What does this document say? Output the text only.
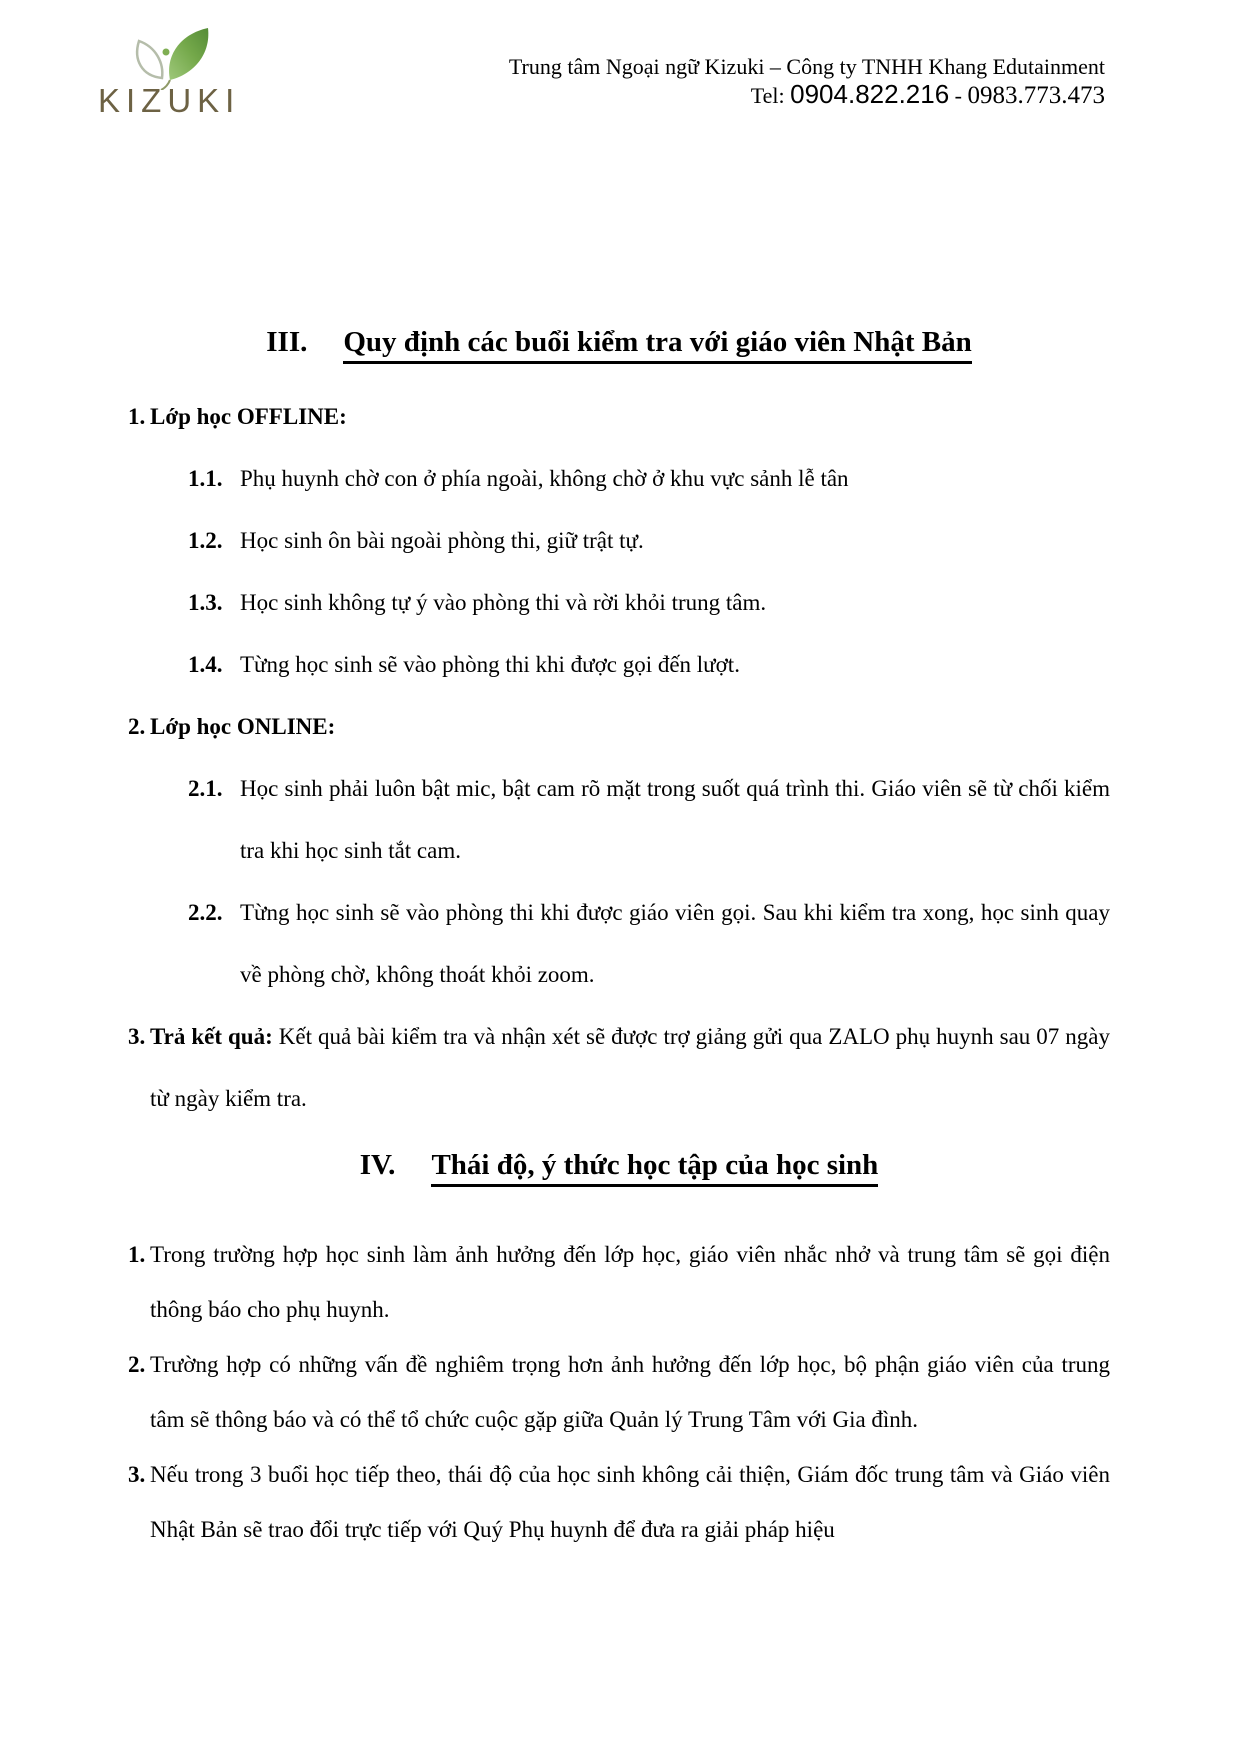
KIZUKI
Trung tâm Ngoại ngữ Kizuki – Công ty TNHH Khang Edutainment
Tel: 0904.822.216 - 0983.773.473
III. Quy định các buổi kiểm tra với giáo viên Nhật Bản
1. Lớp học OFFLINE:
1.1. Phụ huynh chờ con ở phía ngoài, không chờ ở khu vực sảnh lễ tân
1.2. Học sinh ôn bài ngoài phòng thi, giữ trật tự.
1.3. Học sinh không tự ý vào phòng thi và rời khỏi trung tâm.
1.4. Từng học sinh sẽ vào phòng thi khi được gọi đến lượt.
2. Lớp học ONLINE:
2.1. Học sinh phải luôn bật mic, bật cam rõ mặt trong suốt quá trình thi. Giáo viên sẽ từ chối kiểm tra khi học sinh tắt cam.
2.2. Từng học sinh sẽ vào phòng thi khi được giáo viên gọi. Sau khi kiểm tra xong, học sinh quay về phòng chờ, không thoát khỏi zoom.
3. Trả kết quả: Kết quả bài kiểm tra và nhận xét sẽ được trợ giảng gửi qua ZALO phụ huynh sau 07 ngày từ ngày kiểm tra.
IV. Thái độ, ý thức học tập của học sinh
1. Trong trường hợp học sinh làm ảnh hưởng đến lớp học, giáo viên nhắc nhở và trung tâm sẽ gọi điện thông báo cho phụ huynh.
2. Trường hợp có những vấn đề nghiêm trọng hơn ảnh hưởng đến lớp học, bộ phận giáo viên của trung tâm sẽ thông báo và có thể tổ chức cuộc gặp giữa Quản lý Trung Tâm với Gia đình.
3. Nếu trong 3 buổi học tiếp theo, thái độ của học sinh không cải thiện, Giám đốc trung tâm và Giáo viên Nhật Bản sẽ trao đổi trực tiếp với Quý Phụ huynh để đưa ra giải pháp hiệu
